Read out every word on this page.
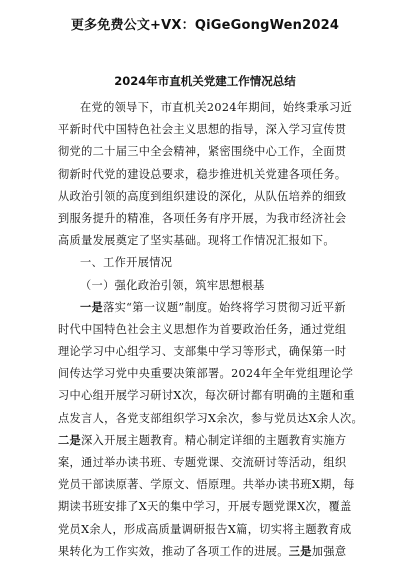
更多免费公文+VX：QiGeGongWen2024
2024年市直机关党建工作情况总结
在党的领导下，市直机关2024年期间，始终秉承习近
平新时代中国特色社会主义思想的指导，深入学习宣传贯
彻党的二十届三中全会精神，紧密围绕中心工作，全面贯
彻新时代党的建设总要求，稳步推进机关党建各项任务。
从政治引领的高度到组织建设的深化，从队伍培养的细致
到服务提升的精准，各项任务有序开展，为我市经济社会
高质量发展奠定了坚实基础。现将工作情况汇报如下。
一、工作开展情况
（一）强化政治引领，筑牢思想根基
一是落实“第一议题”制度。始终将学习贯彻习近平新
时代中国特色社会主义思想作为首要政治任务，通过党组
理论学习中心组学习、支部集中学习等形式，确保第一时
间传达学习党中央重要决策部署。2024年全年党组理论学
习中心组开展学习研讨X次，每次研讨都有明确的主题和重
点发言人，各党支部组织学习X余次，参与党员达X余人次。
二是深入开展主题教育。精心制定详细的主题教育实施方
案，通过举办读书班、专题党课、交流研讨等活动，组织
党员干部读原著、学原文、悟原理。共举办读书班X期，每
期读书班安排了X天的集中学习，开展专题党课X次，覆盖
党员X余人，形成高质量调研报告X篇，切实将主题教育成
果转化为工作实效，推动了各项工作的进展。三是加强意
